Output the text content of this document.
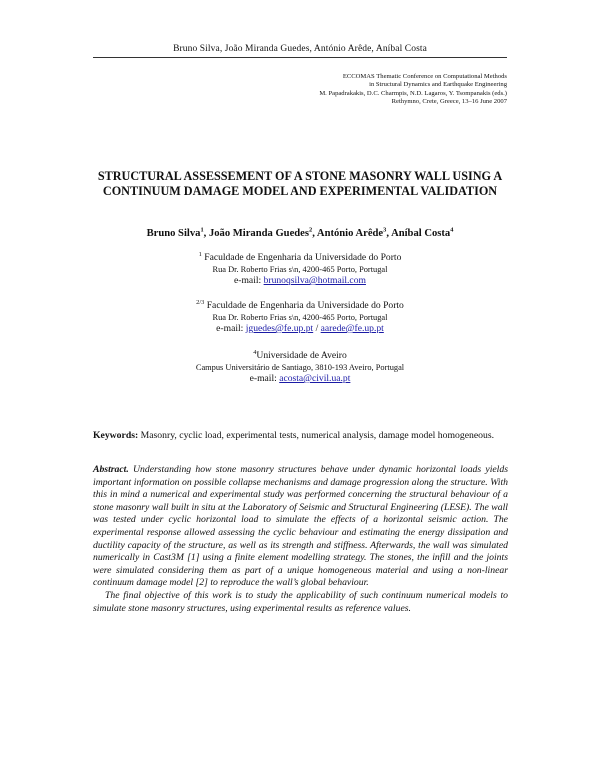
Bruno Silva, João Miranda Guedes, António Arêde, Aníbal Costa
ECCOMAS Thematic Conference on Computational Methods
in Structural Dynamics and Earthquake Engineering
M. Papadrakakis, D.C. Charmpis, N.D. Lagaros, Y. Tsompanakis (eds.)
Rethymno, Crete, Greece, 13–16 June 2007
STRUCTURAL ASSESSEMENT OF A STONE MASONRY WALL USING A CONTINUUM DAMAGE MODEL AND EXPERIMENTAL VALIDATION
Bruno Silva$^1$, João Miranda Guedes$^2$, António Arêde$^3$, Aníbal Costa$^4$
$^1$ Faculdade de Engenharia da Universidade do Porto
Rua Dr. Roberto Frias s\n, 4200-465 Porto, Portugal
e-mail: brunoqsilva@hotmail.com
$^{2/3}$ Faculdade de Engenharia da Universidade do Porto
Rua Dr. Roberto Frias s\n, 4200-465 Porto, Portugal
e-mail: jguedes@fe.up.pt / aarede@fe.up.pt
$^4$Universidade de Aveiro
Campus Universitário de Santiago, 3810-193 Aveiro, Portugal
e-mail: acosta@civil.ua.pt
Keywords: Masonry, cyclic load, experimental tests, numerical analysis, damage model homogeneous.

Abstract. Understanding how stone masonry structures behave under dynamic horizontal loads yields important information on possible collapse mechanisms and damage progression along the structure. With this in mind a numerical and experimental study was performed concerning the structural behaviour of a stone masonry wall built in situ at the Laboratory of Seismic and Structural Engineering (LESE). The wall was tested under cyclic horizontal load to simulate the effects of a horizontal seismic action. The experimental response allowed assessing the cyclic behaviour and estimating the energy dissipation and ductility capacity of the structure, as well as its strength and stiffness. Afterwards, the wall was simulated numerically in Cast3M [1] using a finite element modelling strategy. The stones, the infill and the joints were simulated considering them as part of a unique homogeneous material and using a non-linear continuum damage model [2] to reproduce the wall’s global behaviour.

The final objective of this work is to study the applicability of such continuum numerical models to simulate stone masonry structures, using experimental results as reference values.
